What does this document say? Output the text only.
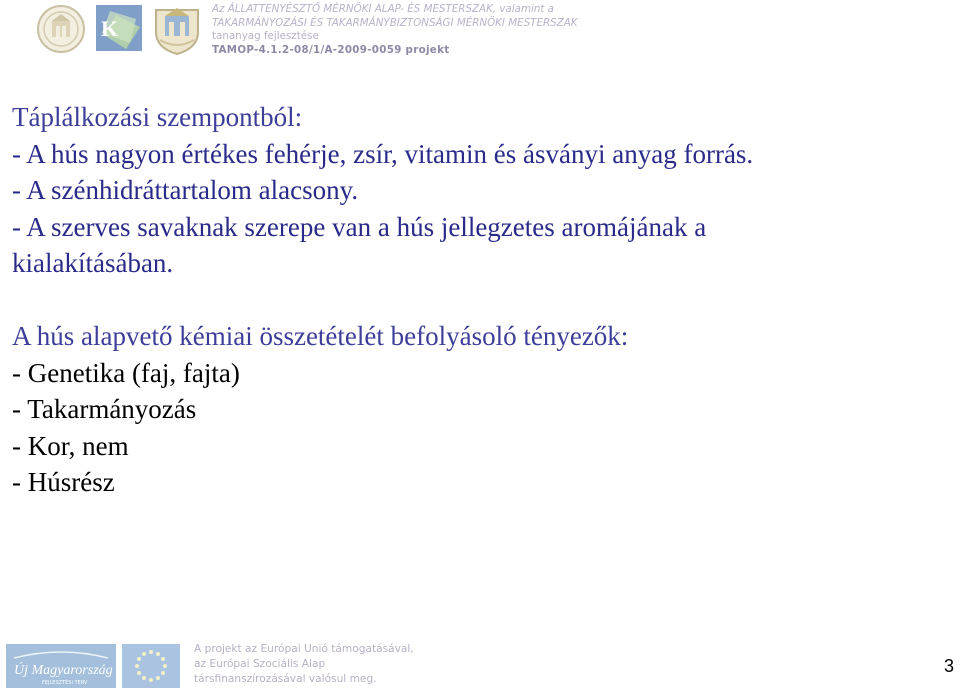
K
Az ÁLLATTENYÉSZTŐ MÉRNÖKI ALAP- ÉS MESTERSZAK, valamint a
TAKARMÁNYOZÁSI ÉS TAKARMÁNYBIZTONSÁGI MÉRNÖKI MESTERSZAK
tananyag fejlesztése
TAMOP-4.1.2-08/1/A-2009-0059 projekt
Táplálkozási szempontból:
- A hús nagyon értékes fehérje, zsír, vitamin és ásványi anyag forrás.
- A szénhidráttartalom alacsony.
- A szerves savaknak szerepe van a hús jellegzetes aromájának a
kialakításában.
A hús alapvető kémiai összetételét befolyásoló tényezők:
- Genetika (faj, fajta)
- Takarmányozás
- Kor, nem
- Húsrész
Új Magyarország
FEJLESZTÉSI TERV
A projekt az Európai Unió támogatásával,
az Európai Szociális Alap
társfinanszírozásával valósul meg.
3
